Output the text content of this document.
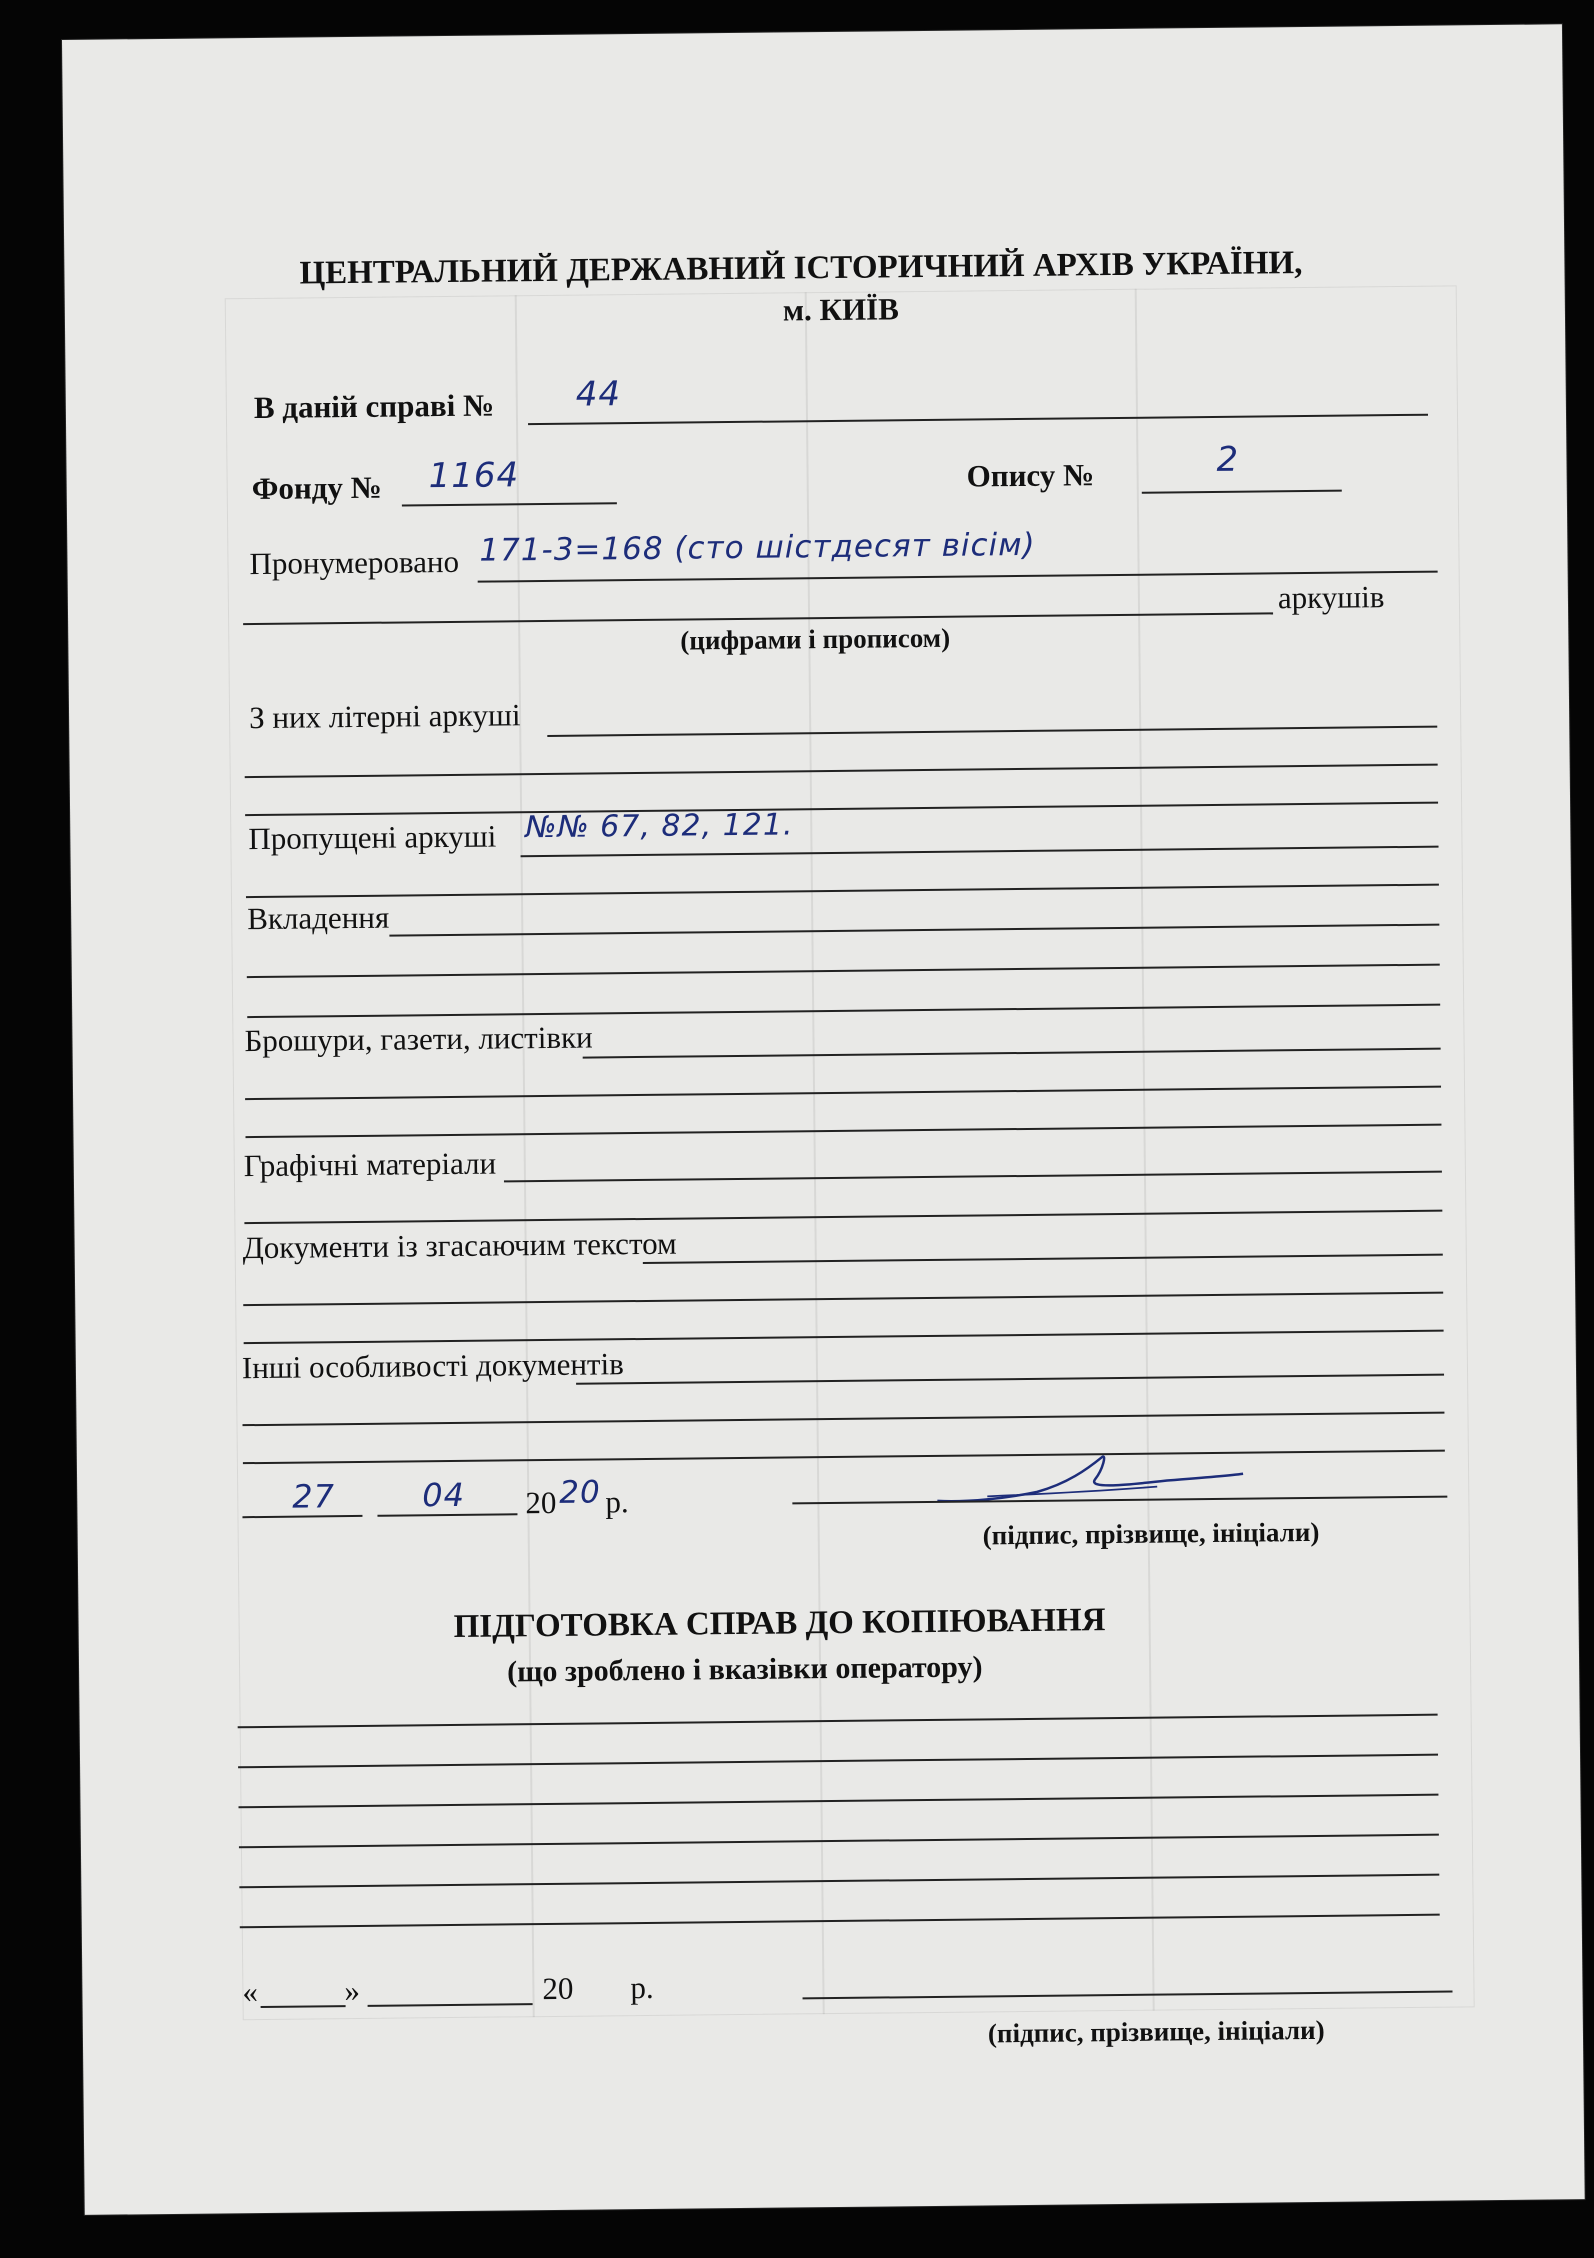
ЦЕНТРАЛЬНИЙ ДЕРЖАВНИЙ ІСТОРИЧНИЙ АРХІВ УКРАЇНИ,
м. КИЇВ
В даній справі № 44
Фонду № 1164	Опису №	2
Пронумеровано 171-3=168 (сто шістдесят вісім)
аркушів
(цифрами і прописом)
З них літерні аркуші
Пропущені аркуші №№ 67, 82, 121.
Вкладення
Брошури, газети, листівки
Графічні матеріали
Документи із згасаючим текстом
Інші особливості документів
27	04 20 20 р.
(підпис, прізвище, ініціали)
ПІДГОТОВКА СПРАВ ДО КОПІЮВАННЯ
(що зроблено і вказівки оператору)
«	»	20 р.
(підпис, прізвище, ініціали)
